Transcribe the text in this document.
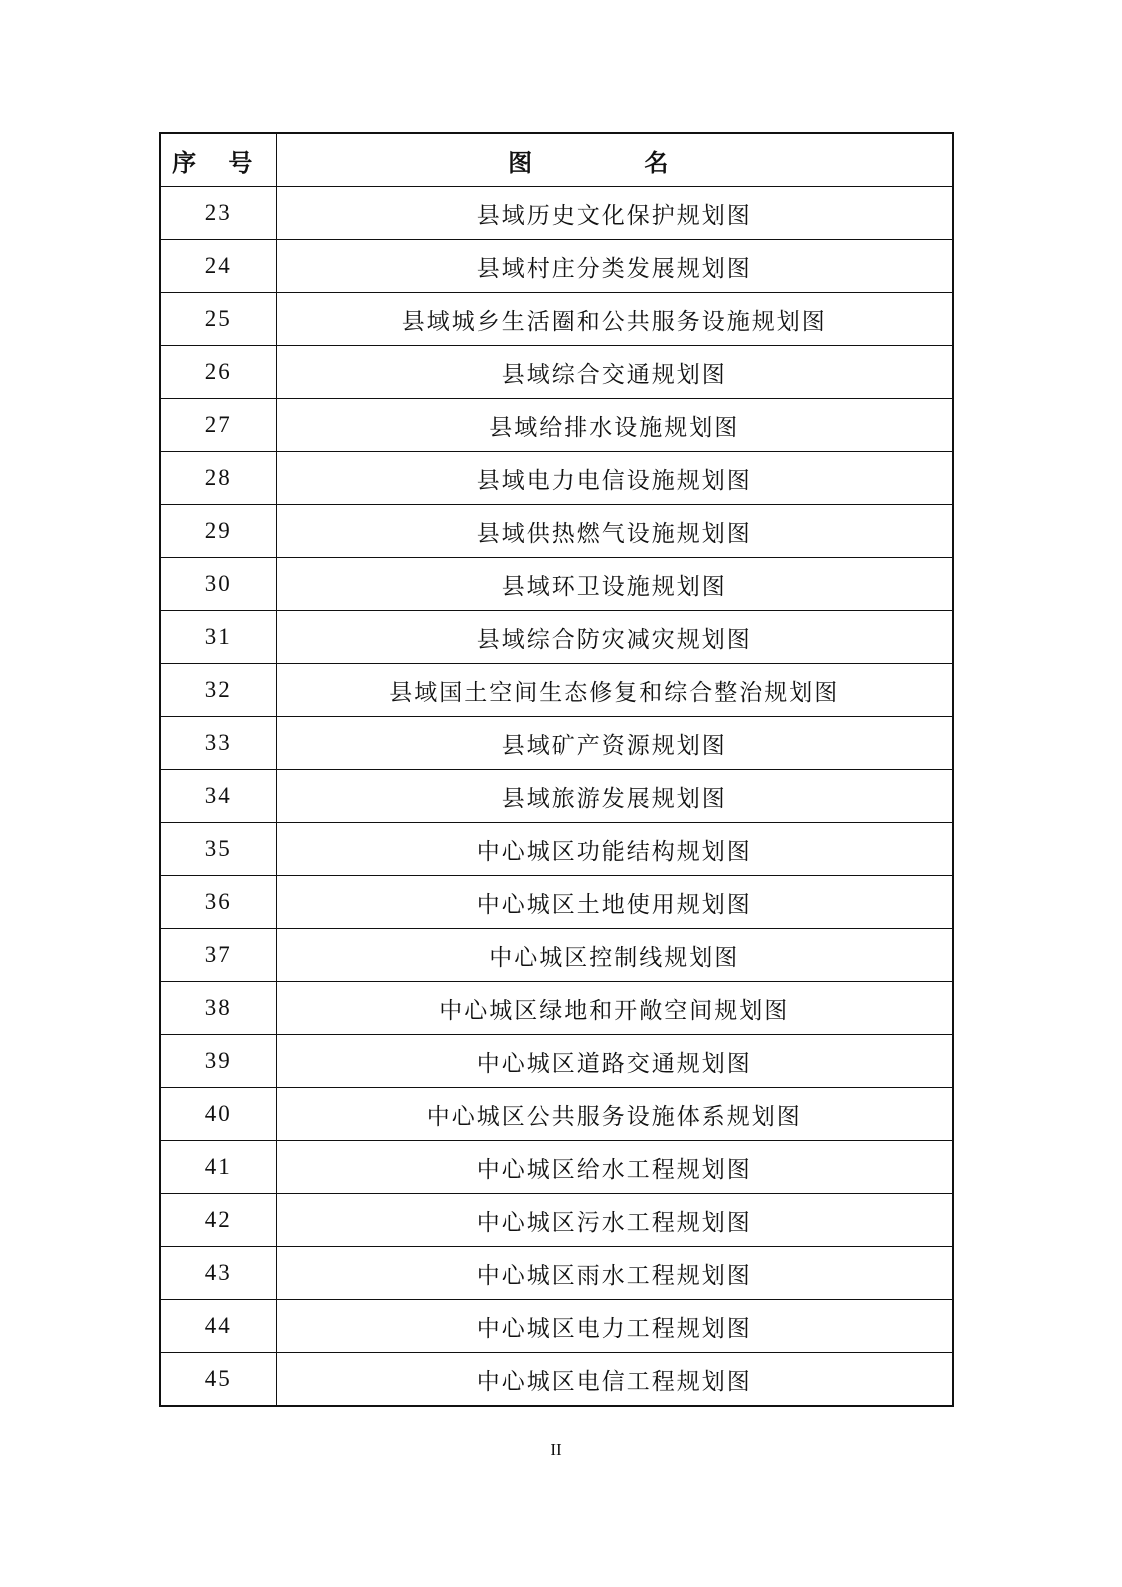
序 号	图 名
23	县域历史文化保护规划图
24	县域村庄分类发展规划图
25	县域城乡生活圈和公共服务设施规划图
26	县域综合交通规划图
27	县域给排水设施规划图
28	县域电力电信设施规划图
29	县域供热燃气设施规划图
30	县域环卫设施规划图
31	县域综合防灾减灾规划图
32	县域国土空间生态修复和综合整治规划图
33	县域矿产资源规划图
34	县域旅游发展规划图
35	中心城区功能结构规划图
36	中心城区土地使用规划图
37	中心城区控制线规划图
38	中心城区绿地和开敞空间规划图
39	中心城区道路交通规划图
40	中心城区公共服务设施体系规划图
41	中心城区给水工程规划图
42	中心城区污水工程规划图
43	中心城区雨水工程规划图
44	中心城区电力工程规划图
45	中心城区电信工程规划图
II
